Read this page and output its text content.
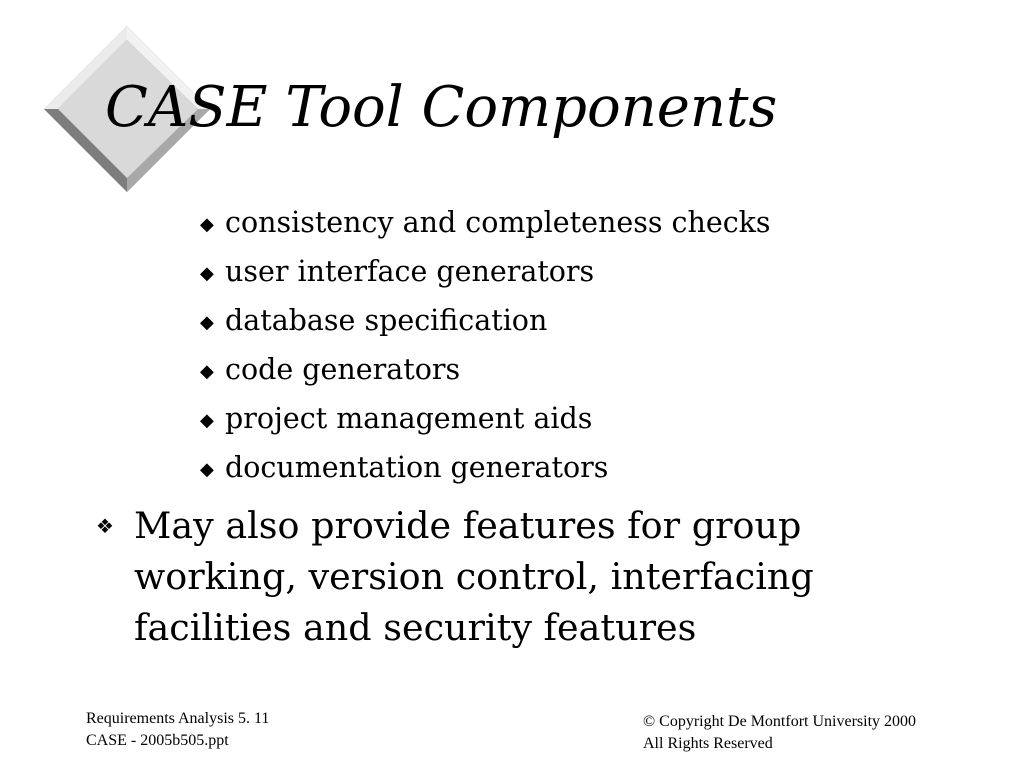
CASE Tool Components
◆ consistency and completeness checks
◆ user interface generators
◆ database specification
◆ code generators
◆ project management aids
◆ documentation generators
❖ May also provide features for group working, version control, interfacing facilities and security features
Requirements Analysis 5. 11
CASE - 2005b505.ppt
© Copyright De Montfort University 2000
All Rights Reserved
